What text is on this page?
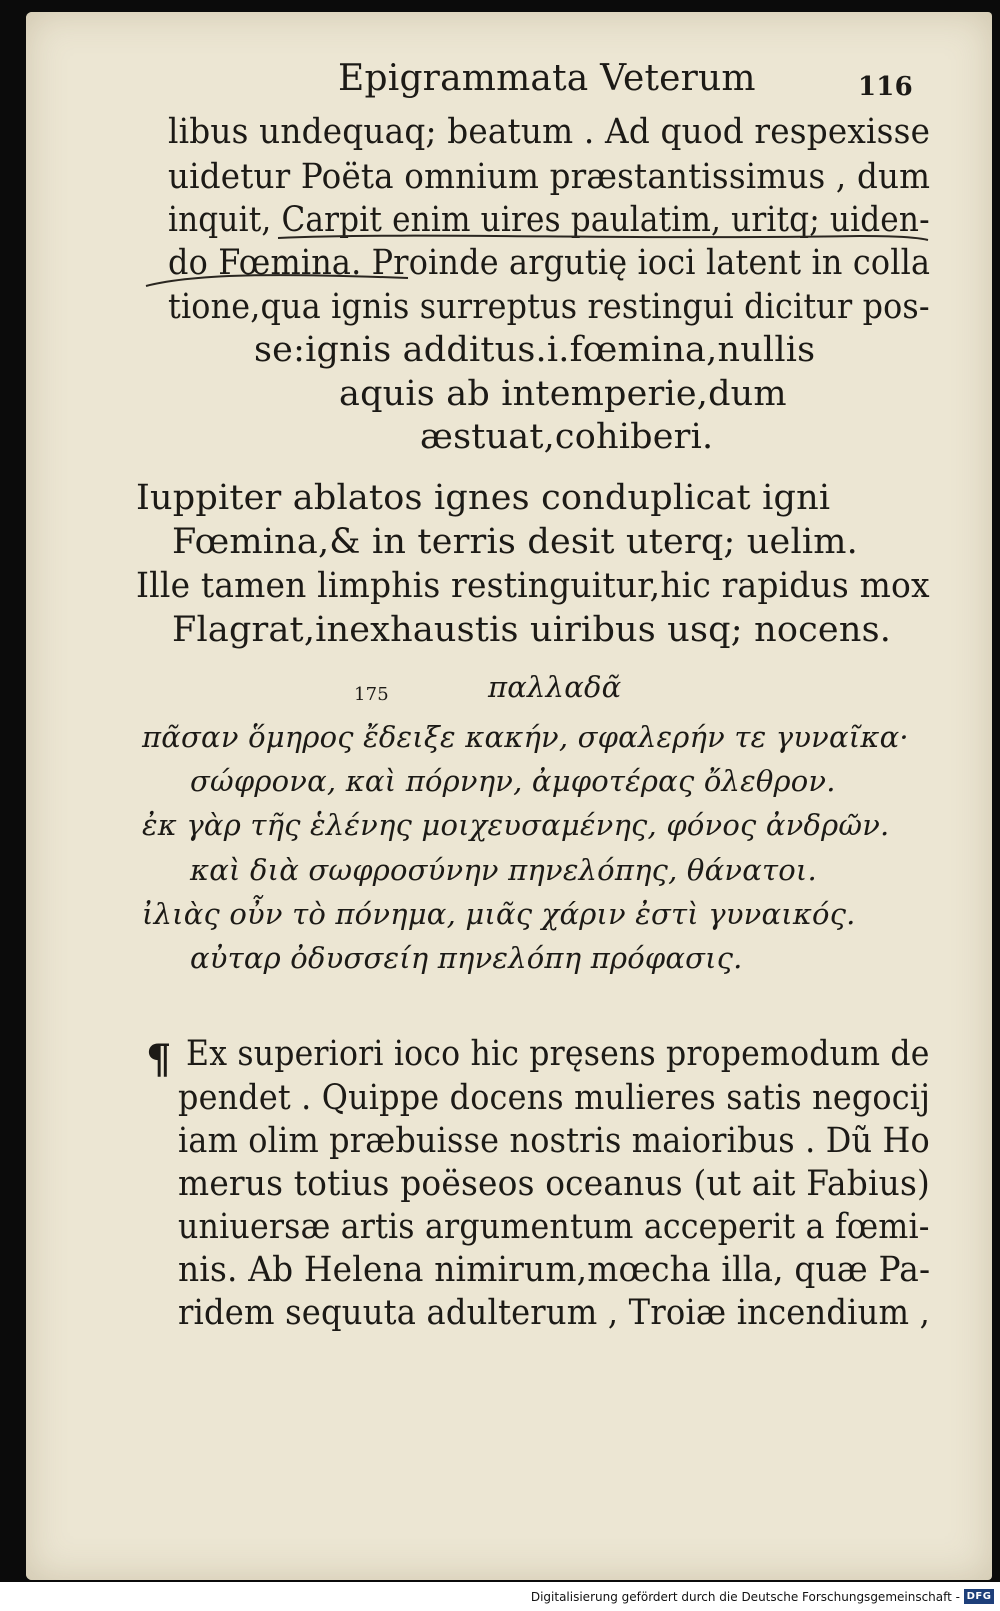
Epigrammata Veterum	116
libus undequaq; beatum . Ad quod respexisse
uidetur Poëta omnium præstantissimus , dum
inquit, Carpit enim uires paulatim, uritq; uiden-
do Fœmina. Proinde argutię ioci latent in colla
tione,qua ignis surreptus restingui dicitur pos-
se:ignis additus.i.fœmina,nullis
aquis ab intemperie,dum
æstuat,cohiberi.
Iuppiter ablatos ignes conduplicat igni
Fœmina,& in terris desit uterq; uelim.
Ille tamen limphis restinguitur,hic rapidus mox
Flagrat,inexhaustis uiribus usq; nocens.
175	παλλαδᾶ
πᾶσαν ὅμηρος ἔδειξε κακήν, σφαλερήν τε γυναῖκα·
σώφρονα, καὶ πόρνην, ἀμφοτέρας ὄλεθρον.
ἐκ γὰρ τῆς ἑλένης μοιχευσαμένης, φόνος ἀνδρῶν.
καὶ διὰ σωφροσύνην πηνελόπης, θάνατοι.
ἰλιὰς οὖν τὸ πόνημα, μιᾶς χάριν ἐστὶ γυναικός.
αὐταρ ὀδυσσείη πηνελόπη πρόφασις.
¶ Ex superiori ioco hic pręsens propemodum de
pendet . Quippe docens mulieres satis negocij
iam olim præbuisse nostris maioribus . Dũ Ho
merus totius poëseos oceanus (ut ait Fabius)
uniuersæ artis argumentum acceperit a fœmi-
nis. Ab Helena nimirum,mœcha illa, quæ Pa-
ridem sequuta adulterum , Troiæ incendium ,
Digitalisierung gefördert durch die Deutsche Forschungsgemeinschaft - DFG
